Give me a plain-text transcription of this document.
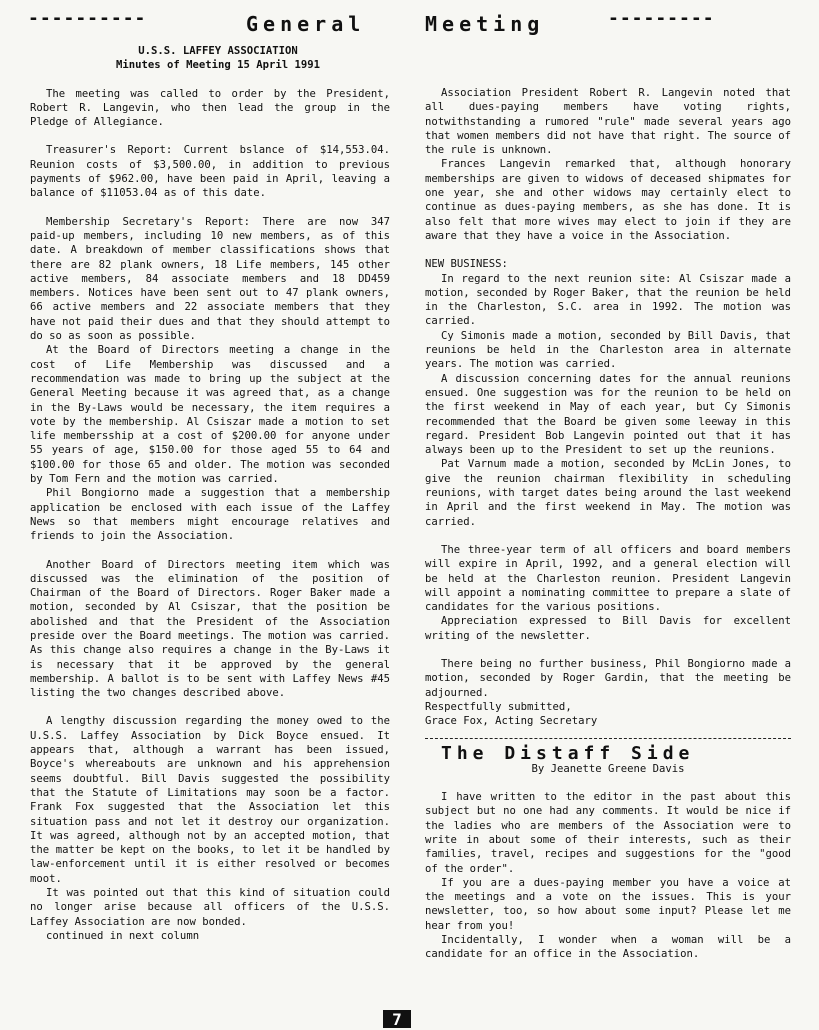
----------	General	Meeting	---------

U.S.S. LAFFEY ASSOCIATION

Minutes of Meeting 15 April 1991

The meeting was called to order by the President, Robert R. Langevin, who then lead the group in the Pledge of Allegiance.

Treasurer's Report: Current bslance of $14,553.04. Reunion costs of $3,500.00, in addition to previous payments of $962.00, have been paid in April, leaving a balance of $11053.04 as of this date.

Membership Secretary's Report: There are now 347 paid-up members, including 10 new members, as of this date. A breakdown of member classifications shows that there are 82 plank owners, 18 Life members, 145 other active members, 84 associate members and 18 DD459 members. Notices have been sent out to 47 plank owners, 66 active members and 22 associate members that they have not paid their dues and that they should attempt to do so as soon as possible.

At the Board of Directors meeting a change in the cost of Life Membership was discussed and a recommendation was made to bring up the subject at the General Meeting because it was agreed that, as a change in the By-Laws would be necessary, the item requires a vote by the membership. Al Csiszar made a motion to set life membersship at a cost of $200.00 for anyone under 55 years of age, $150.00 for those aged 55 to 64 and $100.00 for those 65 and older. The motion was seconded by Tom Fern and the motion was carried.

Phil Bongiorno made a suggestion that a membership application be enclosed with each issue of the Laffey News so that members might encourage relatives and friends to join the Association.

Another Board of Directors meeting item which was discussed was the elimination of the position of Chairman of the Board of Directors. Roger Baker made a motion, seconded by Al Csiszar, that the position be abolished and that the President of the Association preside over the Board meetings. The motion was carried. As this change also requires a change in the By-Laws it is necessary that it be approved by the general membership. A ballot is to be sent with Laffey News #45 listing the two changes described above.

A lengthy discussion regarding the money owed to the U.S.S. Laffey Association by Dick Boyce ensued. It appears that, although a warrant has been issued, Boyce's whereabouts are unknown and his apprehension seems doubtful. Bill Davis suggested the possibility that the Statute of Limitations may soon be a factor. Frank Fox suggested that the Association let this situation pass and not let it destroy our organization. It was agreed, although not by an accepted motion, that the matter be kept on the books, to let it be handled by law-enforcement until it is either resolved or becomes moot.

It was pointed out that this kind of situation could no longer arise because all officers of the U.S.S. Laffey Association are now bonded.

continued in next column

Association President Robert R. Langevin noted that all dues-paying members have voting rights, notwithstanding a rumored "rule" made several years ago that women members did not have that right. The source of the rule is unknown.

Frances Langevin remarked that, although honorary memberships are given to widows of deceased shipmates for one year, she and other widows may certainly elect to continue as dues-paying members, as she has done. It is also felt that more wives may elect to join if they are aware that they have a voice in the Association.

NEW BUSINESS:

In regard to the next reunion site: Al Csiszar made a motion, seconded by Roger Baker, that the reunion be held in the Charleston, S.C. area in 1992. The motion was carried.

Cy Simonis made a motion, seconded by Bill Davis, that reunions be held in the Charleston area in alternate years. The motion was carried.

A discussion concerning dates for the annual reunions ensued. One suggestion was for the reunion to be held on the first weekend in May of each year, but Cy Simonis recommended that the Board be given some leeway in this regard. President Bob Langevin pointed out that it has always been up to the President to set up the reunions.

Pat Varnum made a motion, seconded by McLin Jones, to give the reunion chairman flexibility in scheduling reunions, with target dates being around the last weekend in April and the first weekend in May. The motion was carried.

The three-year term of all officers and board members will expire in April, 1992, and a general election will be held at the Charleston reunion. President Langevin will appoint a nominating committee to prepare a slate of candidates for the various positions.

Appreciation expressed to Bill Davis for excellent writing of the newsletter.

There being no further business, Phil Bongiorno made a motion, seconded by Roger Gardin, that the meeting be adjourned.

Respectfully submitted,

Grace Fox, Acting Secretary

The Distaff Side

By Jeanette Greene Davis

I have written to the editor in the past about this subject but no one had any comments. It would be nice if the ladies who are members of the Association were to write in about some of their interests, such as their families, travel, recipes and suggestions for the "good of the order".

If you are a dues-paying member you have a voice at the meetings and a vote on the issues. This is your newsletter, too, so how about some input? Please let me hear from you!

Incidentally, I wonder when a woman will be a candidate for an office in the Association.

7
